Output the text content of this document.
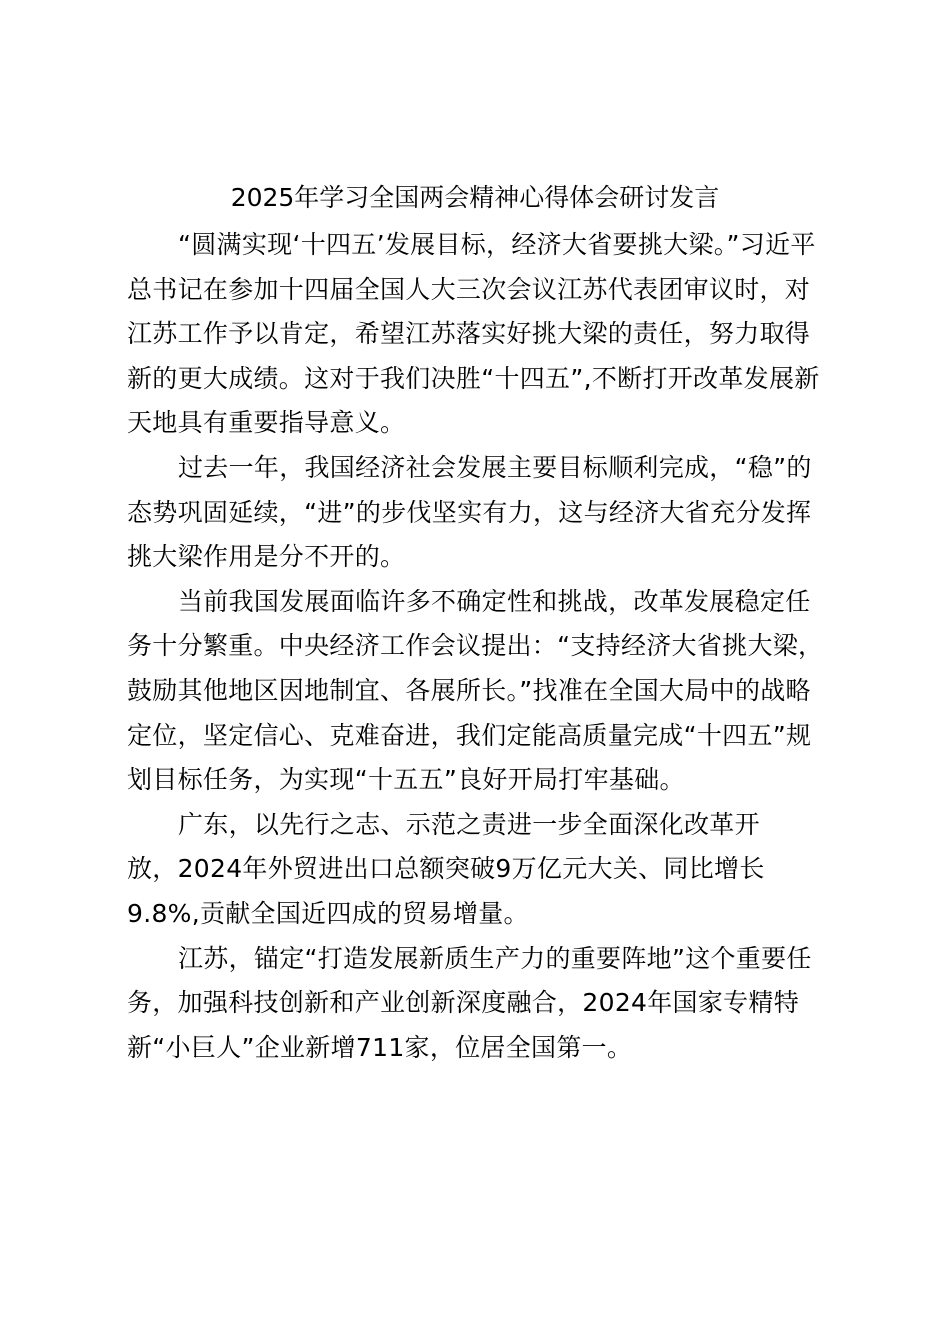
2025年学习全国两会精神心得体会研讨发言

“圆满实现‘十四五’发展目标，经济大省要挑大梁。”习近平
总书记在参加十四届全国人大三次会议江苏代表团审议时，对
江苏工作予以肯定，希望江苏落实好挑大梁的责任，努力取得
新的更大成绩。这对于我们决胜“十四五”,不断打开改革发展新
天地具有重要指导意义。

过去一年，我国经济社会发展主要目标顺利完成，“稳”的
态势巩固延续，“进”的步伐坚实有力，这与经济大省充分发挥
挑大梁作用是分不开的。

当前我国发展面临许多不确定性和挑战，改革发展稳定任
务十分繁重。中央经济工作会议提出：“支持经济大省挑大梁，
鼓励其他地区因地制宜、各展所长。”找准在全国大局中的战略
定位，坚定信心、克难奋进，我们定能高质量完成“十四五”规
划目标任务，为实现“十五五”良好开局打牢基础。

广东，以先行之志、示范之责进一步全面深化改革开
放，2024年外贸进出口总额突破9万亿元大关、同比增长
9.8%,贡献全国近四成的贸易增量。

江苏，锚定“打造发展新质生产力的重要阵地”这个重要任
务，加强科技创新和产业创新深度融合，2024年国家专精特
新“小巨人”企业新增711家，位居全国第一。
